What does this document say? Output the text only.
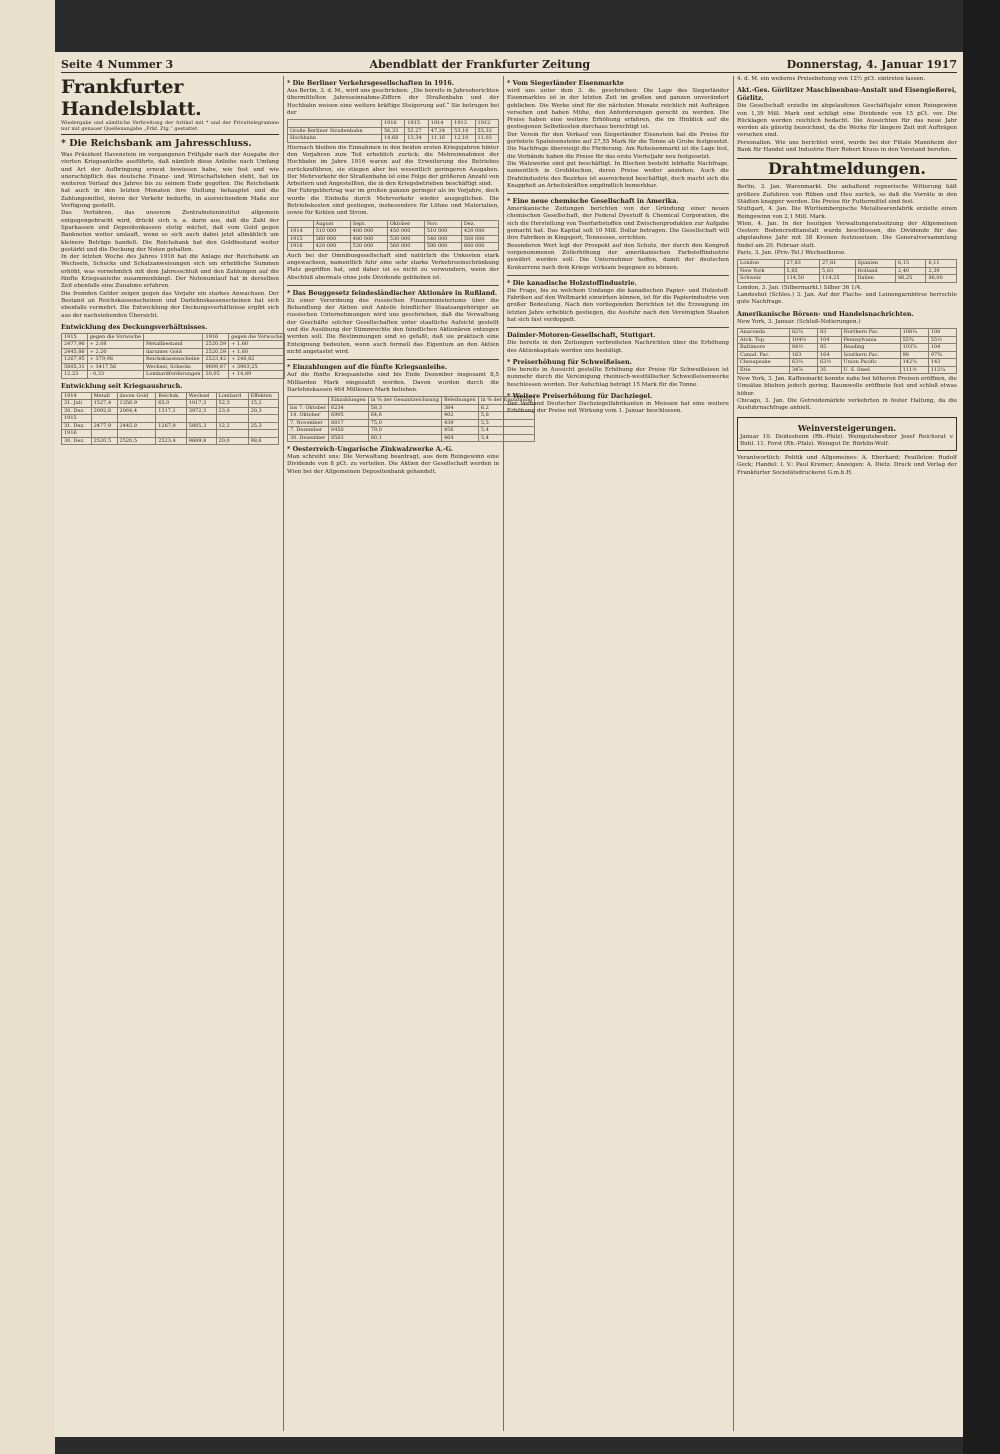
Seite 4 Nummer 3	Abendblatt der Frankfurter Zeitung	Donnerstag, 4. Januar 1917
Frankfurter Handelsblatt.
Wiedergabe und sämtliche Verbreitung der Artikel mit * und der Privattelegramme nur mit genauer Quellenangabe „Frkf. Ztg.“ gestattet.
* Die Reichsbank am Jahresschluss.

Was Präsident Havenstein im vergangenen Frühjahr nach der Ausgabe der vierten Kriegsanleihe ausführte, daß nämlich diese Anleihe nach Umfang und Art der Aufbringung erneut bewiesen habe, wie fest und wie unerschöpflich das deutsche Finanz- und Wirtschaftsleben steht, hat im weiteren Verlauf des Jahres bis zu seinem Ende gegolten. Die Reichsbank hat auch in den letzten Monaten ihre Stellung behauptet und die Zahlungsmittel, deren der Verkehr bedurfte, in ausreichendem Maße zur Verfügung gestellt.

Das Verfahren, das unserem Zentralnoteninstitut allgemein entgegengebracht wird, drückt sich u. a. darin aus, daß die Zahl der Sparkassen und Depositenkassen stetig wächst, daß vom Gold gegen Banknoten weiter umlauft, wenn es sich auch dabei jetzt allmählich um kleinere Beträge handelt. Die Reichsbank hat den Goldbestand weiter gestärkt und die Deckung der Noten gehalten.

In der letzten Woche des Jahres 1916 hat die Anlage der Reichsbank an Wechseln, Schecks und Schatzanweisungen sich um erhebliche Summen erhöht, was vornehmlich mit dem Jahresschluß und den Zahlungen auf die fünfte Kriegsanleihe zusammenhängt. Der Notenumlauf hat in derselben Zeit ebenfalls eine Zunahme erfahren.

Die fremden Gelder zeigen gegen das Vorjahr ein starkes Anwachsen. Der Bestand an Reichskassenscheinen und Darlehnskassenscheinen hat sich ebenfalls vermehrt. Die Entwicklung der Deckungsverhältnisse ergibt sich aus der nachstehenden Übersicht.

Entwicklung des Deckungsverhältnisses.
1915	gegen die Vorwoche		1916	gegen die Vorwoche
2477,96	+ 2,08	Metallbestand	2520,59	+ 1,60
2445,86	+ 2,20	darunter Gold	2520,59	+ 1,60
1267,95	+ 379,98	Reichskassenscheine	2523,42	+ 248,82
5805,31	+ 3417,56	Wechsel, Schecks	9609,87	+ 3903,25
12,23	- 0,33	Lombardforderungen	20,05	+ 14,89
Entwicklung seit Kriegsausbruch.
1914	Metall	davon Gold	Reichsk.	Wechsel	Lombard	Effekten
31. Juli	1527,4	1356,9	65,0	1017,3	52,3	15,2
30. Dez.	2092,8	2064,4	1317,1	3972,3	23,0	20,3
1915						
31. Dez.	2477,9	2445,8	1267,9	5805,3	12,2	25,3
1916						
30. Dez.	2520,5	2520,5	2523,4	9609,8	20,0	98,6
* Die Berliner Verkehrsgesellschaften in 1916.

Aus Berlin, 3. d. M., wird uns geschrieben: „Die bereits in Jahresberichten übermittelten Jahreseinnahme-Ziffern der Straßenbahn und der Hochbahn weisen eine weitere kräftige Steigerung auf.“ Sie betrugen bei der

	1916	1915	1914	1913	1912
Große Berliner Straßenbahn	56,33	52,27	47,24	53,10	55,33
Hochbahn	14,68	13,34	11,16	12,10	11,03

Hiernach bleiben die Einnahmen in den beiden ersten Kriegsjahren hinter den Vorjahren zum Teil erheblich zurück; die Mehreinnahmen der Hochbahn im Jahre 1916 waren auf die Erweiterung des Betriebes zurückzuführen, sie stiegen aber bei wesentlich geringeren Ausgaben. Der Mehrverkehr der Straßenbahn ist eine Folge der größeren Anzahl von Arbeitern und Angestellten, die in den Kriegsbetrieben beschäftigt sind.

Der Fahrgeldertrag war im großen ganzen geringer als im Vorjahre, doch wurde die Einbuße durch Mehrverkehr wieder ausgeglichen. Die Betriebskosten sind gestiegen, insbesondere für Löhne und Materialien, sowie für Kohlen und Strom.

	August	Sept.	Oktober	Nov.	Dez.
1914	310 000	400 000	450 000	510 000	420 000
1915	360 000	480 000	530 000	540 000	500 000
1916	420 000	520 000	560 000	590 000	600 000

Auch bei der Omnibusgesellschaft sind natürlich die Unkosten stark angewachsen, namentlich fuhr eine sehr starke Verkehrseinschränkung Platz gegriffen hat, und daher ist es nicht zu verwundern, wenn der Abschluß abermals ohne jede Dividende geblieben ist.

* Das Beuggesetz feindesländischer Aktionäre in Rußland.

Zu einer Verordnung des russischen Finanzministeriums über die Behandlung der Aktien und Anteile feindlicher Staatsangehöriger an russischen Unternehmungen wird uns geschrieben, daß die Verwaltung der Geschäfte solcher Gesellschaften unter staatliche Aufsicht gestellt und die Ausübung der Stimmrechte den feindlichen Aktionären entzogen werden soll. Die Bestimmungen sind so gefaßt, daß sie praktisch eine Enteignung bedeuten, wenn auch formell das Eigentum an den Aktien nicht angetastet wird.

* Einzahlungen auf die fünfte Kriegsanleihe.

Auf die fünfte Kriegsanleihe sind bis Ende Dezember insgesamt 8,5 Milliarden Mark eingezahlt worden. Davon wurden durch die Darlehnskassen 464 Millionen Mark beliehen.

	Einzahlungen	in % der Gesamtzeichnung	Beleihungen	in % der Einzahlung
bis 7. Oktober	6234	58,3	384	6,2
14. Oktober	6905	64,6	402	5,8
7. November	8017	75,0	439	5,5
7. Dezember	8450	79,0	456	5,4
30. Dezember	8563	80,1	464	5,4
* Oesterreich-Ungarische Zinkwalzwerke A.-G.

Man schreibt uns: Die Verwaltung beantragt, aus dem Reingewinn eine Dividende von 8 pCt. zu verteilen. Die Aktien der Gesellschaft werden in Wien bei der Allgemeinen Depositenbank gehandelt.

* Vom Siegerländer Eisenmarkte

wird uns unter dem 3. ds. geschrieben: Die Lage des Siegerländer Eisenmarktes ist in der letzten Zeit im großen und ganzen unverändert geblieben. Die Werke sind für die nächsten Monate reichlich mit Aufträgen versehen und haben Mühe, den Anforderungen gerecht zu werden. Die Preise haben eine weitere Erhöhung erfahren, die im Hinblick auf die gestiegenen Selbstkosten durchaus berechtigt ist.

Der Verein für den Verkauf von Siegerländer Eisenstein hat die Preise für geröstete Spateisensteine auf 27,55 Mark für die Tonne ab Grube festgesetzt. Die Nachfrage übersteigt die Förderung. Am Roheisenmarkt ist die Lage fest, die Verbände haben die Preise für das erste Vierteljahr neu festgesetzt.

Die Walzwerke sind gut beschäftigt. In Blechen besteht lebhafte Nachfrage, namentlich in Grobblechen, deren Preise weiter anziehen. Auch die Drahtindustrie des Bezirkes ist ausreichend beschäftigt, doch macht sich die Knappheit an Arbeitskräften empfindlich bemerkbar.

* Eine neue chemische Gesellschaft in Amerika.

Amerikanische Zeitungen berichten von der Gründung einer neuen chemischen Gesellschaft, der Federal Dyestuff & Chemical Corporation, die sich die Herstellung von Teerfarbstoffen und Zwischenprodukten zur Aufgabe gemacht hat. Das Kapital soll 10 Mill. Dollar betragen. Die Gesellschaft will ihre Fabriken in Kingsport, Tennessee, errichten.

Besonderen Wert legt der Prospekt auf den Schutz, der durch den Kongreß vorgenommenen Zollerhöhung der amerikanischen Farbstoffindustrie gewährt werden soll. Die Unternehmer hoffen, damit der deutschen Konkurrenz nach dem Kriege wirksam begegnen zu können.

* Die kanadische Holzstoffindustrie.

Die Frage, bis zu welchem Umfange die kanadischen Papier- und Holzstoff-Fabriken auf den Weltmarkt einwirken können, ist für die Papierindustrie von großer Bedeutung. Nach den vorliegenden Berichten ist die Erzeugung im letzten Jahre erheblich gestiegen, die Ausfuhr nach den Vereinigten Staaten hat sich fast verdoppelt.

Daimler-Motoren-Gesellschaft, Stuttgart.

Die bereits in den Zeitungen verbreiteten Nachrichten über die Erhöhung des Aktienkapitals werden uns bestätigt.

* Preiserhöhung für Schweißeisen.

Die bereits in Aussicht gestellte Erhöhung der Preise für Schweißeisen ist nunmehr durch die Vereinigung rheinisch-westfälischer Schweißeisenwerke beschlossen worden. Der Aufschlag beträgt 15 Mark für die Tonne.

* Weitere Preiserhöhung für Dachziegel.

Der Verband Deutscher Dachziegelfabrikanten in Meissen hat eine weitere Erhöhung der Preise mit Wirkung vom 1. Januar beschlossen.

4. d. M. ein weiteres Preisebehung von 12½ pCt. eintreten lassen.

Akt.-Ges. Görlitzer Maschinenbau-Anstalt und Eisengießerei, Görlitz.

Die Gesellschaft erzielte im abgelaufenen Geschäftsjahr einen Reingewinn von 1,39 Mill. Mark und schlägt eine Dividende von 15 pCt. vor. Die Rücklagen werden reichlich bedacht. Die Aussichten für das neue Jahr werden als günstig bezeichnet, da die Werke für längere Zeit mit Aufträgen versehen sind.

Personalien. Wie uns berichtet wird, wurde bei der Filiale Mannheim der Bank für Handel und Industrie Herr Robert Kraus in den Vorstand berufen.

Drahtmeldungen.

Berlin, 3. Jan. Warenmarkt. Die anhaltend regnerische Witterung hält größere Zufuhren von Rüben und Heu zurück, so daß die Vorräte in den Städten knapper werden. Die Preise für Futtermittel sind fest.

Stuttgart, 4. Jan. Die Württembergische Metallwarenfabrik erzielte einen Reingewinn von 2,1 Mill. Mark.

Wien, 4. Jan. In der heutigen Verwaltungsratssitzung der Allgemeinen Oesterr. Bodencreditanstalt wurde beschlossen, die Dividende für das abgelaufene Jahr mit 38 Kronen festzusetzen. Die Generalversammlung findet am 20. Februar statt.

Paris, 3. Jan. (Priv.-Tel.) Wechselkurse.

London	27,83	27,81	Spanien	6,15	6,11
New York	5,85	5,83	Holland	2,40	2,39
Schweiz	114,50	114,25	Italien	86,25	86,00

London, 3. Jan. (Silbermarkt.) Silber 36 1/4.

Landeshut (Schles.) 3. Jan. Auf der Flachs- und Leinengarnbörse herrschte gute Nachfrage.

Amerikanische Börsen- und Handelsnachrichten.

New York, 3. Januar. (Schluß-Notierungen.)

Anaconda	82¼	83	Northern Pac.	108¼	108
Atch. Top.	104½	104	Pennsylvania	55¾	55½
Baltimore	84½	85	Reading	103⅞	104
Canad. Pac.	163	164	Southern Pac.	98	97¾
Chesapeake	63¼	63½	Union Pacific	142⅝	143
Erie	34⅞	35	U. S. Steel	111½	112¼

New York, 3. Jan. Kaffeemarkt konnte nahe bei höheren Preisen eröffnen, die Umsätze blieben jedoch gering. Baumwolle eröffnete fest und schloß etwas höher.

Chicago, 3. Jan. Die Getreidemärkte verkehrten in fester Haltung, da die Ausfuhrnachfrage anhielt.

Weinversteigerungen.

Januar 10. Deidesheim (Rh.-Pfalz). Weingutsbesitzer Josef Reichsrat v. Buhl. 11. Forst (Rh.-Pfalz). Weingut Dr. Bürklin-Wolf.

Verantwortlich: Politik und Allgemeines: A. Eberhard; Feuilleton: Rudolf Geck; Handel: I. V.: Paul Kremer; Anzeigen: A. Dietz. Druck und Verlag der Frankfurter Societätsdruckerei G.m.b.H.
